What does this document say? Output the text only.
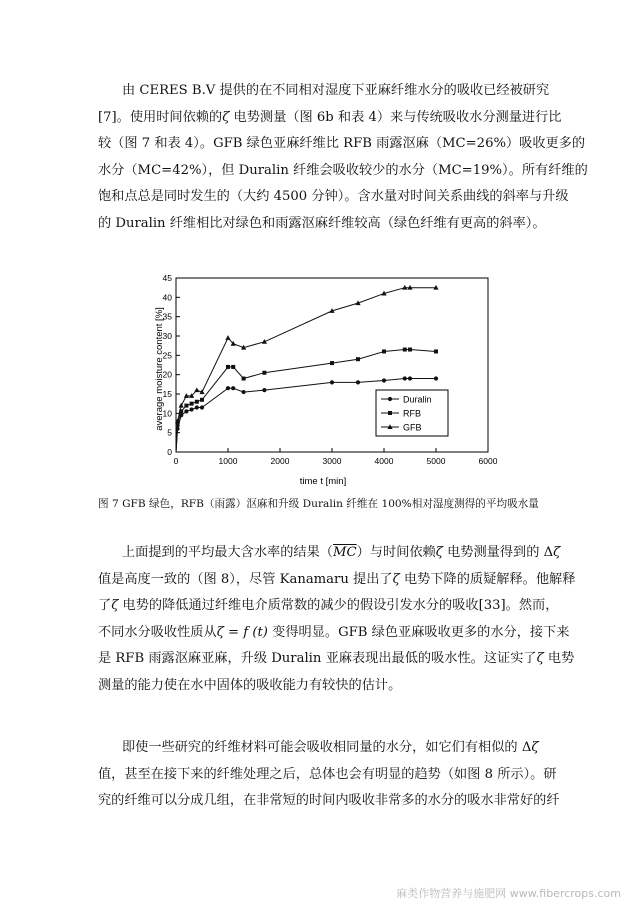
由 CERES B.V 提供的在不同相对湿度下亚麻纤维水分的吸收已经被研究
[7]。使用时间依赖的ζ 电势测量（图 6b 和表 4）来与传统吸收水分测量进行比
较（图 7 和表 4）。GFB 绿色亚麻纤维比 RFB 雨露沤麻（MC=26%）吸收更多的
水分（MC=42%），但 Duralin 纤维会吸收较少的水分（MC=19%）。所有纤维的
饱和点总是同时发生的（大约 4500 分钟）。含水量对时间关系曲线的斜率与升级
的 Duralin 纤维相比对绿色和雨露沤麻纤维较高（绿色纤维有更高的斜率）。
average moisture content [%]
time t [min]
0	1000	2000	3000	4000	5000	6000
0
5
10
15
20
25
30
35
40
45
Duralin
RFB
GFB
图 7 GFB 绿色，RFB（雨露）沤麻和升级 Duralin 纤维在 100%相对湿度测得的平均吸水量
上面提到的平均最大含水率的结果$(\overline{MC})$与时间依赖ζ 电势测量得到的 Δζ
值是高度一致的（图 8），尽管 Kanamaru 提出了ζ 电势下降的质疑解释。他解释
了ζ 电势的降低通过纤维电介质常数的减少的假设引发水分的吸收[33]。然而，
不同水分吸收性质从ζ = f (t) 变得明显。GFB 绿色亚麻吸收更多的水分，接下来
是 RFB 雨露沤麻亚麻，升级 Duralin 亚麻表现出最低的吸水性。这证实了ζ 电势
测量的能力使在水中固体的吸收能力有较快的估计。
即使一些研究的纤维材料可能会吸收相同量的水分，如它们有相似的 Δζ
值，甚至在接下来的纤维处理之后，总体也会有明显的趋势（如图 8 所示）。研
究的纤维可以分成几组，在非常短的时间内吸收非常多的水分的吸水非常好的纤
麻类作物营养与施肥网 www.fibercrops.com
